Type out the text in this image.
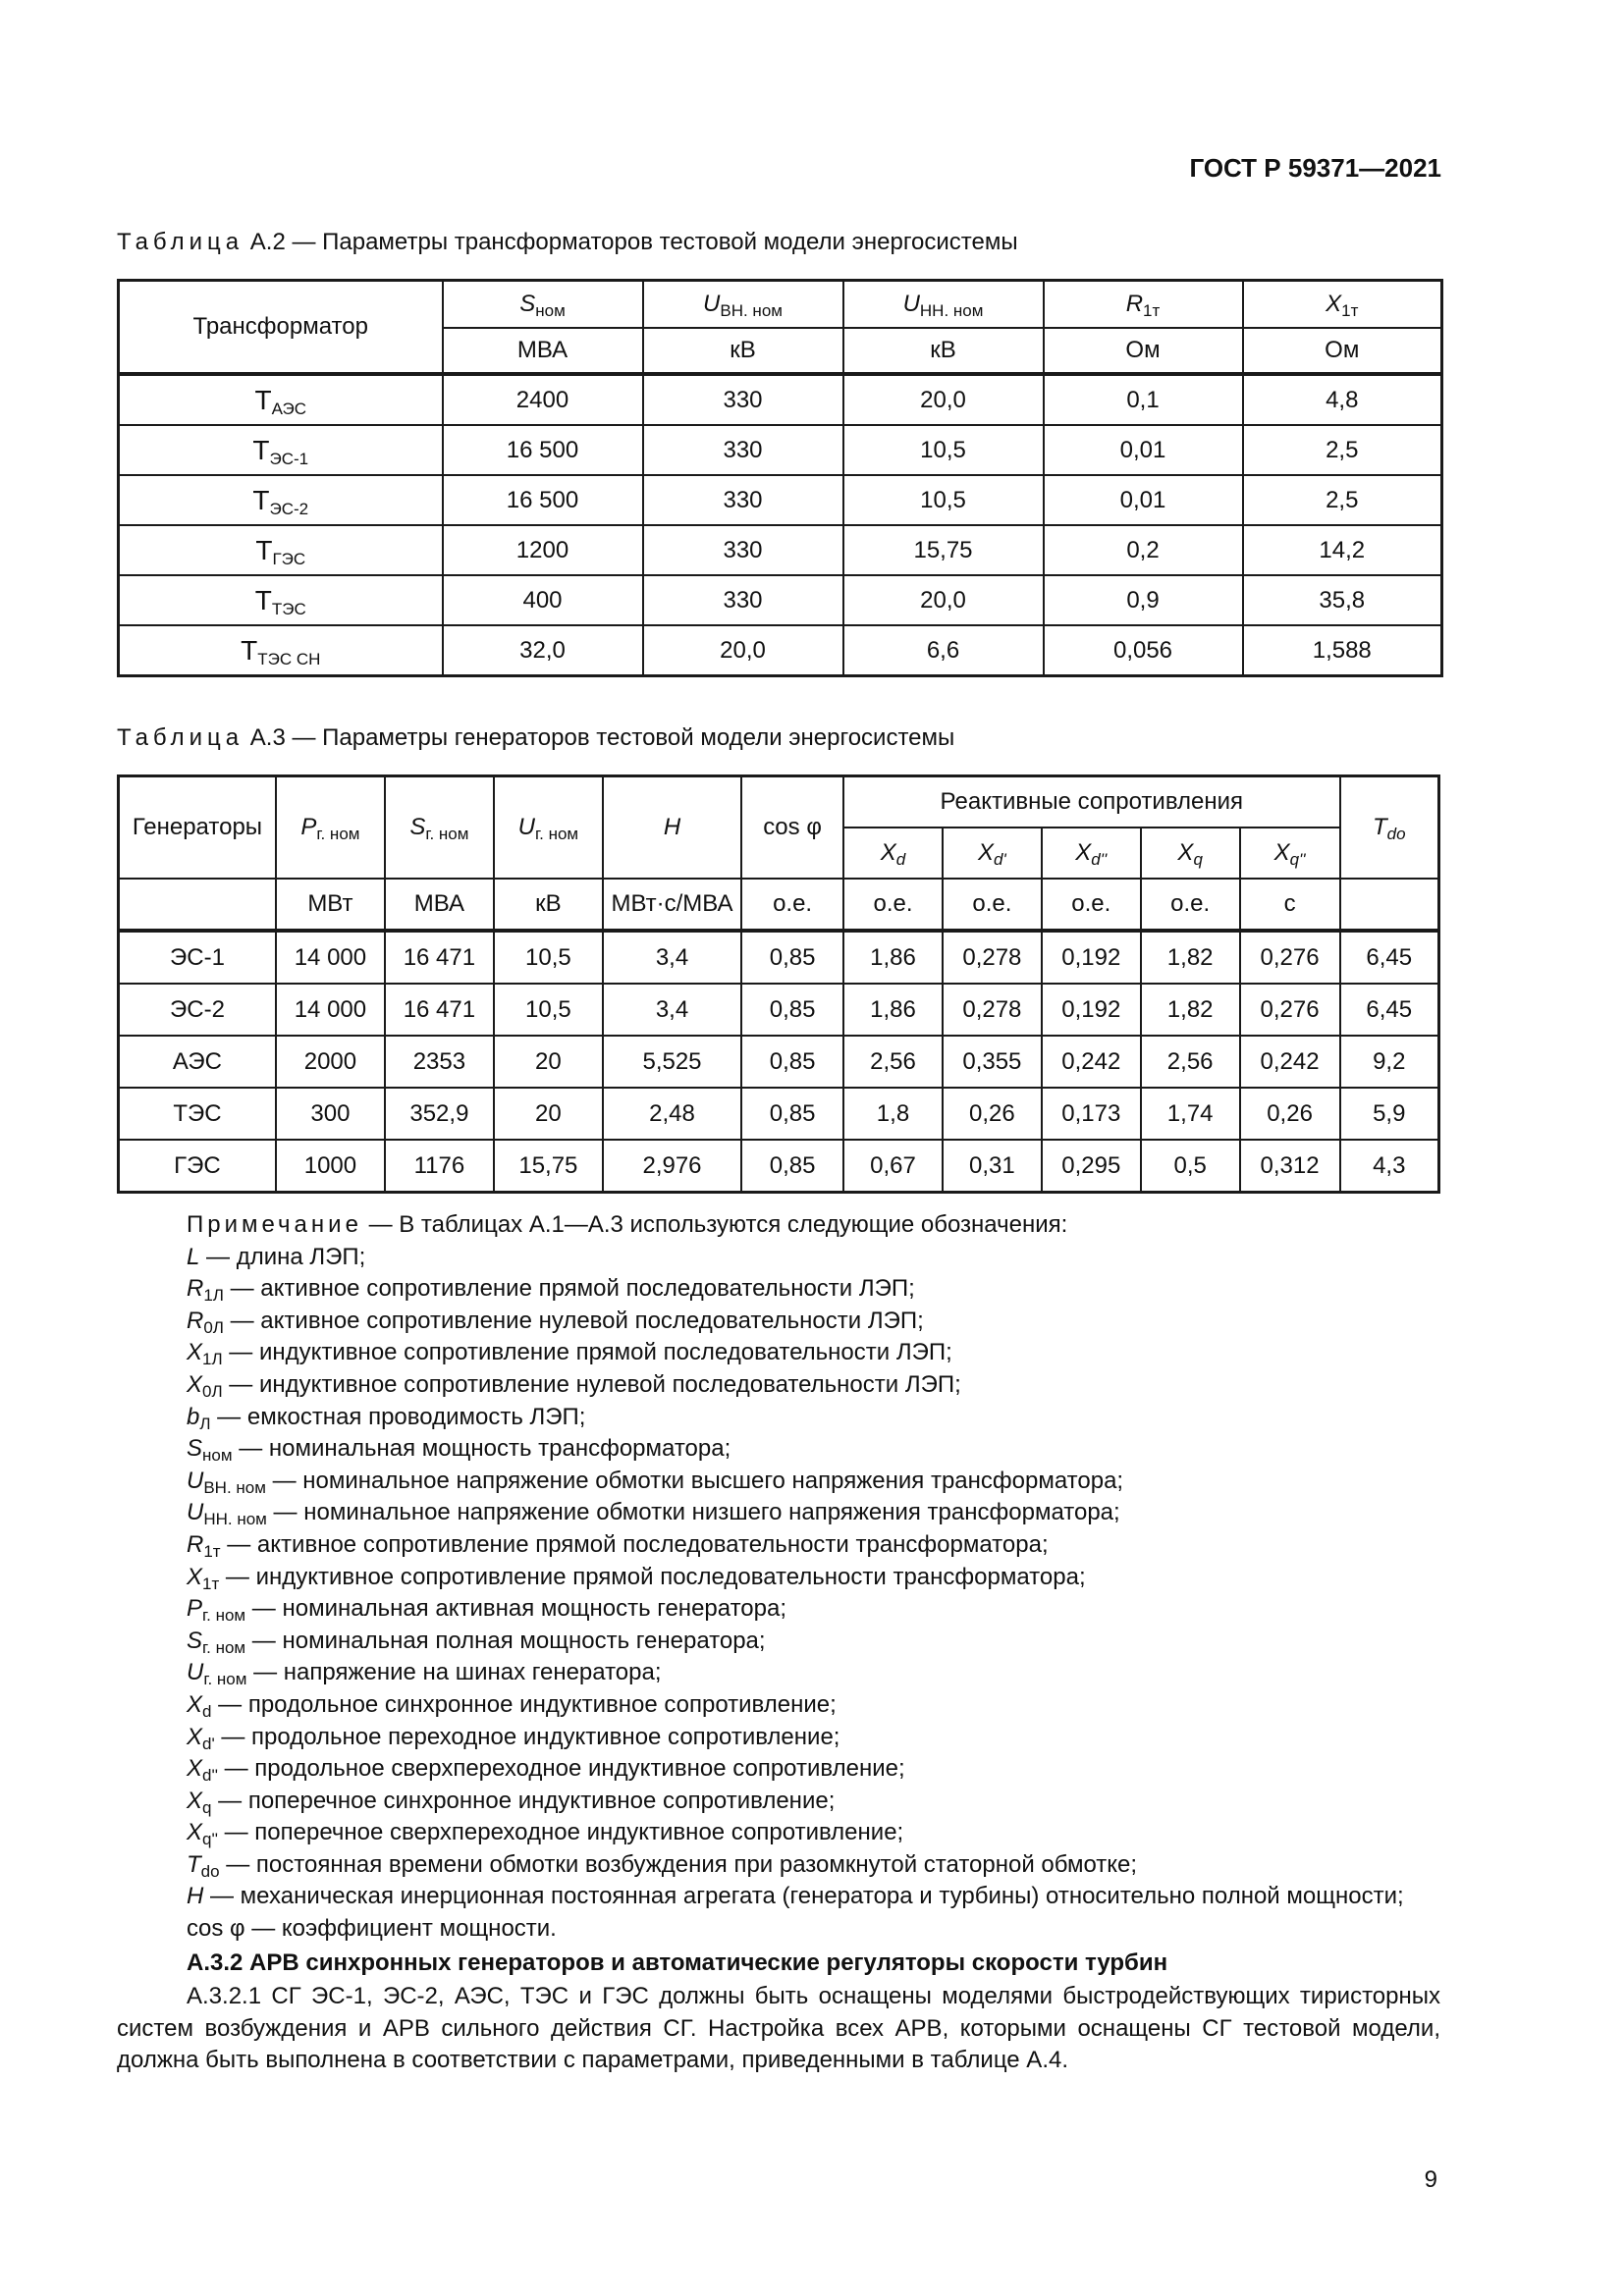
ГОСТ Р 59371—2021
Таблица А.2 — Параметры трансформаторов тестовой модели энергосистемы
Трансформатор	$S_{ном}$	$U_{ВН. ном}$	$U_{НН. ном}$	$R_{1т}$	$X_{1т}$
	МВА	кВ	кВ	Ом	Ом
$Т_{АЭС}$	2400	330	20,0	0,1	4,8
$Т_{ЭС-1}$	16 500	330	10,5	0,01	2,5
$Т_{ЭС-2}$	16 500	330	10,5	0,01	2,5
$Т_{ГЭС}$	1200	330	15,75	0,2	14,2
$Т_{ТЭС}$	400	330	20,0	0,9	35,8
$Т_{ТЭС СН}$	32,0	20,0	6,6	0,056	1,588
Таблица А.3 — Параметры генераторов тестовой модели энергосистемы
Генераторы	$P_{г. ном}$	$S_{г. ном}$	$U_{г. ном}$	H	cos φ	Реактивные сопротивления					$T_{do}$
						$X_d$	$X_{d'}$	$X_{d''}$	$X_q$	$X_{q''}$
	МВт	МВА	кВ	МВт·с/МВА	о.е.	о.е.	о.е.	о.е.	о.е.	с	
ЭС-1	14 000	16 471	10,5	3,4	0,85	1,86	0,278	0,192	1,82	0,276	6,45
ЭС-2	14 000	16 471	10,5	3,4	0,85	1,86	0,278	0,192	1,82	0,276	6,45
АЭС	2000	2353	20	5,525	0,85	2,56	0,355	0,242	2,56	0,242	9,2
ТЭС	300	352,9	20	2,48	0,85	1,8	0,26	0,173	1,74	0,26	5,9
ГЭС	1000	1176	15,75	2,976	0,85	0,67	0,31	0,295	0,5	0,312	4,3
Примечание — В таблицах А.1—А.3 используются следующие обозначения:
L — длина ЛЭП;
$R_{1Л}$ — активное сопротивление прямой последовательности ЛЭП;
$R_{0Л}$ — активное сопротивление нулевой последовательности ЛЭП;
$X_{1Л}$ — индуктивное сопротивление прямой последовательности ЛЭП;
$X_{0Л}$ — индуктивное сопротивление нулевой последовательности ЛЭП;
$b_Л$ — емкостная проводимость ЛЭП;
$S_{ном}$ — номинальная мощность трансформатора;
$U_{ВН. ном}$ — номинальное напряжение обмотки высшего напряжения трансформатора;
$U_{НН. ном}$ — номинальное напряжение обмотки низшего напряжения трансформатора;
$R_{1т}$ — активное сопротивление прямой последовательности трансформатора;
$X_{1т}$ — индуктивное сопротивление прямой последовательности трансформатора;
$P_{г. ном}$ — номинальная активная мощность генератора;
$S_{г. ном}$ — номинальная полная мощность генератора;
$U_{г. ном}$ — напряжение на шинах генератора;
$X_d$ — продольное синхронное индуктивное сопротивление;
$X_{d'}$ — продольное переходное индуктивное сопротивление;
$X_{d''}$ — продольное сверхпереходное индуктивное сопротивление;
$X_q$ — поперечное синхронное индуктивное сопротивление;
$X_{q''}$ — поперечное сверхпереходное индуктивное сопротивление;
$T_{do}$ — постоянная времени обмотки возбуждения при разомкнутой статорной обмотке;
H — механическая инерционная постоянная агрегата (генератора и турбины) относительно полной мощности;
cos φ — коэффициент мощности.
А.3.2 АРВ синхронных генераторов и автоматические регуляторы скорости турбин
А.3.2.1 СГ ЭС-1, ЭС-2, АЭС, ТЭС и ГЭС должны быть оснащены моделями быстродействующих тиристорных систем возбуждения и АРВ сильного действия СГ. Настройка всех АРВ, которыми оснащены СГ тестовой модели, должна быть выполнена в соответствии с параметрами, приведенными в таблице А.4.
9
